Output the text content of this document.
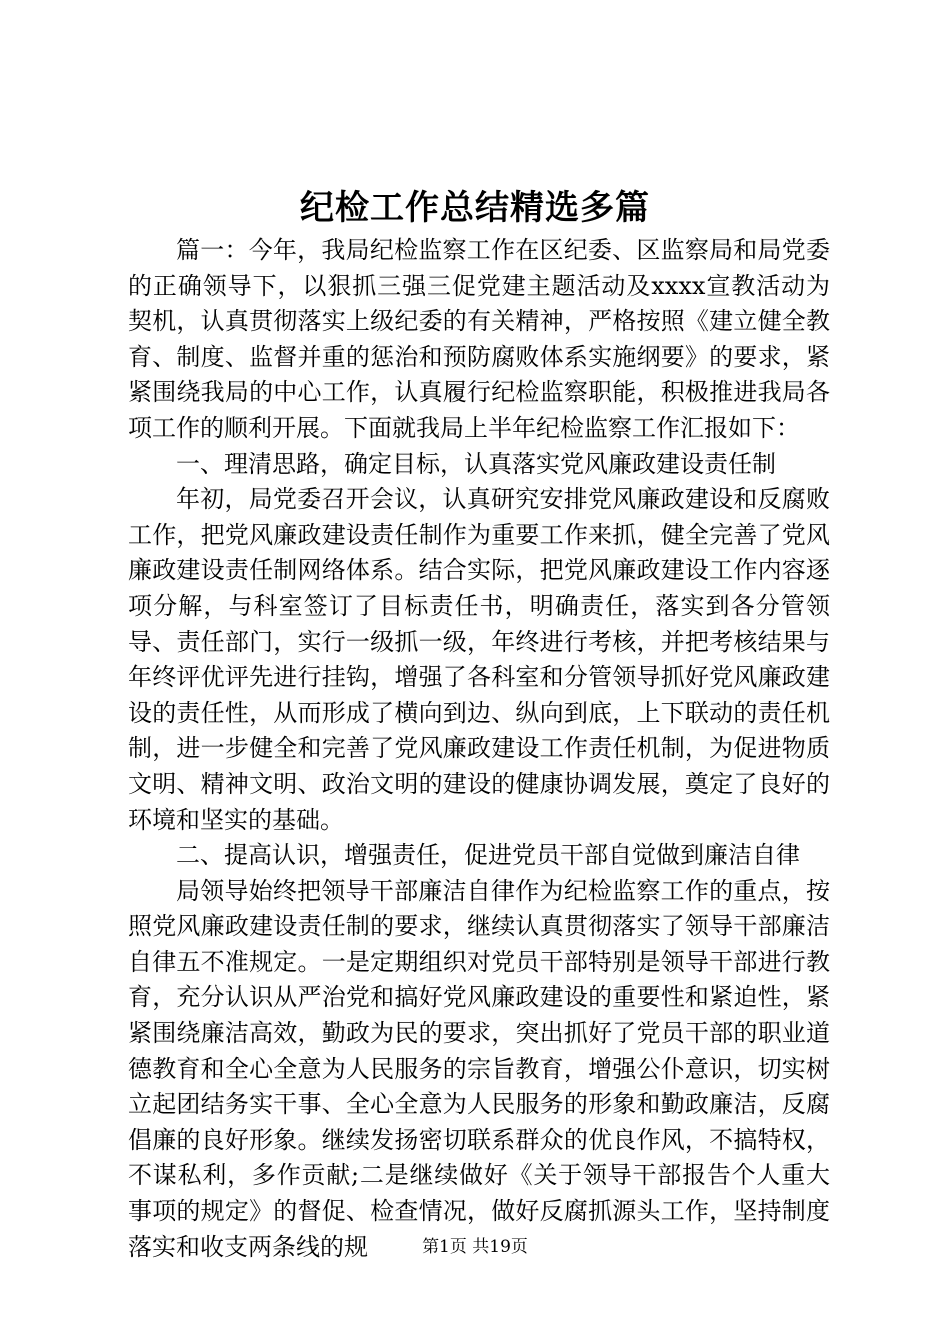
纪检工作总结精选多篇

篇一：今年，我局纪检监察工作在区纪委、区监察局和局党委的正确领导下，以狠抓三强三促党建主题活动及xxxx宣教活动为契机，认真贯彻落实上级纪委的有关精神，严格按照《建立健全教育、制度、监督并重的惩治和预防腐败体系实施纲要》的要求，紧紧围绕我局的中心工作，认真履行纪检监察职能，积极推进我局各项工作的顺利开展。下面就我局上半年纪检监察工作汇报如下：

一、理清思路，确定目标，认真落实党风廉政建设责任制

年初，局党委召开会议，认真研究安排党风廉政建设和反腐败工作，把党风廉政建设责任制作为重要工作来抓，健全完善了党风廉政建设责任制网络体系。结合实际，把党风廉政建设工作内容逐项分解，与科室签订了目标责任书，明确责任，落实到各分管领导、责任部门，实行一级抓一级，年终进行考核，并把考核结果与年终评优评先进行挂钩，增强了各科室和分管领导抓好党风廉政建设的责任性，从而形成了横向到边、纵向到底，上下联动的责任机制，进一步健全和完善了党风廉政建设工作责任机制，为促进物质文明、精神文明、政治文明的建设的健康协调发展，奠定了良好的环境和坚实的基础。

二、提高认识，增强责任，促进党员干部自觉做到廉洁自律

局领导始终把领导干部廉洁自律作为纪检监察工作的重点，按照党风廉政建设责任制的要求，继续认真贯彻落实了领导干部廉洁自律五不准规定。一是定期组织对党员干部特别是领导干部进行教育，充分认识从严治党和搞好党风廉政建设的重要性和紧迫性，紧紧围绕廉洁高效，勤政为民的要求，突出抓好了党员干部的职业道德教育和全心全意为人民服务的宗旨教育，增强公仆意识，切实树立起团结务实干事、全心全意为人民服务的形象和勤政廉洁，反腐倡廉的良好形象。继续发扬密切联系群众的优良作风，不搞特权，不谋私利，多作贡献;二是继续做好《关于领导干部报告个人重大事项的规定》的督促、检查情况，做好反腐抓源头工作，坚持制度落实和收支两条线的规	第1页 共19页
